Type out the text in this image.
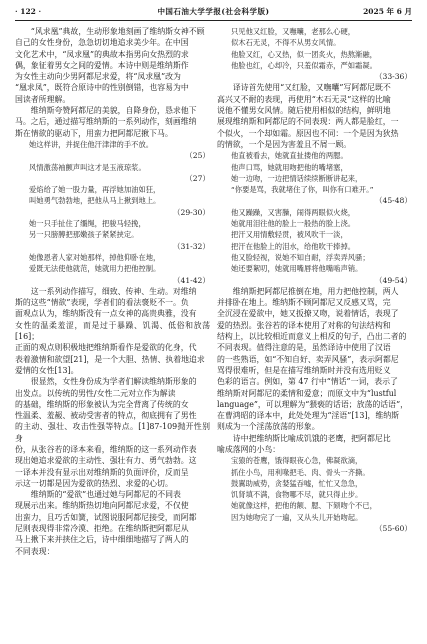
· 122 ·	中国石油大学学报(社会科学版)	2025 年 6 月
“风求凰”典故，生动形象地刻画了维纳斯女神不顾
自己的女性身份，急急切切地追求美少年。在中国
文化艺术中，“凤求凰”的典故本指男向女热烈的求
偶，象征着男女之间的爱情。本诗中则是维纳斯作
为女性主动向少男阿都尼求爱，将“凤求凰”改为
“凰求凤”，既符合原诗中的性别倒错，也容易为中
国读者所理解。
维纳斯夸赞阿都尼的美貌，自降身份，恳求他下
马。之后，通过描写维纳斯的一系列动作，刻画维纳
斯在情欲的驱动下，用蛮力把阿都尼揪下马。
她这样讲，并捉住他汗津津的手不放。
（25）
风情激荡袖颤声叫这才是玉液琼浆。
（27）
爱焰给了她一股力量，再浮她加油如狂，
叫她勇气勃勃地，把他从马上揪到地上。
（29-30）
她一只手扯住了缰绳，把骏马轻挽，
另一只膀膊把那嫩孩子紧紧挟定。
（31-32）
她像恩者人家对她那样，掉他仰卧在地，
爱既无法使他就范，她就用力把他控制。
（41-42）
这一系列动作描写，细致、传神、生动。对维纳
斯的这些“情欲”表现，学者们的看法褒贬不一。负
面观点认为，维纳斯没有一点女神的高贵典雅，没有
女性的温柔羞涩，而是过于暴躁、饥渴、低俗和放荡[16]；
正面的观点则积极地把维纳斯看作是爱欲的化身，代
表着激情和欲望[21]，是一个大胆、热情、执着地追求
爱情的女性[13]。
很显然，女性身份成为学者们解读维纳斯形象的
出发点。以传统的男性/女性二元对立作为解读
的基础，维纳斯的形象被认为完全背离了传统的女
性温柔、羞赧、被动受害者的特点，彻底拥有了男性
的主动、强壮、攻击性强等特点。[1]87-109抛开性别身
份，从张谷若的译本来看，维纳斯的这一系列动作表
现出她追求爱欲的主动性、强壮有力、勇气勃勃。这
一译本并没有显示出对维纳斯的负面评价，反而呈
示这一切都是因为爱欲的热烈、求爱的心切。
维纳斯的“爱欲”也通过她与阿都尼的不同表
现展示出来。维纳斯热切地向阿都尼求爱，不仅使
出蛮力，且巧舌如簧，试图说服阿都尼接受，而阿都
尼则表现得非常冷漠、拒绝。在维纳斯把阿都尼从
马上揪下来并挟住之后，诗中细细地描写了两人的
不同表现：
只见他又红脸，又嘸囔，老那么心硬，
似木石无灵，不得不从男女风情。
他脸又红，心又热，似一团炙火，热熬渐融，
他脸也红，心却冷，只羞似霜赤，严如霜凝。
（33-36）
译诗首先使用“又红脸，又嘸囔”写阿都尼既不
高兴又不耐的表现，再使用“木石无灵”这样的比喻
说他不懂男女风情。随后使用相似的结构，鲜明地
展现维纳斯和阿都尼的不同表现：两人都是脸红，一
个似火，一个却如霜。原因也不同：一个是因为狄热
的情欲，一个是因为害羞且不屑一顾。
他直被看去，她就直扯搂他的两腮。
他声口骂，她就用吻把他的嘴堵塞，
她一边吻，一边把情话续续断断讲起来，
“你要是骂，我就堵住了你，叫你有口难开。”
（45-48）
他又躁躁，又害臊，闹得两眼似火烧，
她就用泪往他的脸上一般热的脸上浇。
把汗又用情敷轻贯，被风吹干一淡，
把汗在他脸上的泪水，给他吹干捧掉。
他又脸轻视，说她不知自耐，浮卖弄风骚；
她还要絮叨，她就用嘴唇将他嘴啮声销。
（49-54）
维纳斯把阿都尼推倒在地，用力把他控制，两人
并排卧在地上。维纳斯不顾阿都尼又反感又骂，完
全沉浸在爱欲中，她又扳撩又吻，说着情话，表现了
爱的热烈。张谷若的译本使用了对称的句法结构和
结构上，以比较相近而意义上相反的句子，凸出二者的
不同表现。值得注意的是，虽然译诗中使用了汉语
的一些熟语，如“不知自好、卖弄风骚”，表示阿都尼
骂得很难听，但是在描写维纳斯时并没有选用贬义
色彩的语言。例如，第 47 行中“情话”一词，表示了
维纳斯对阿都尼的柔情和爱意；而原文中为“lustful
language”，可以理解为“猥亵的话语；放荡的话语”，
在曹鸿昭的译本中，此处处理为“淫语”[13]，维纳斯
则成为一个淫荡放荡的形象。
诗中把维纳斯比喻成饥饿的老鹰，把阿都尼比
喻成落网的小鸟：
宝猿的苍鹰，饿得眼夜心急，佛凝欲滴，
抓住小鸟，用利喙把毛、肉、骨头一齐撕。
鼓翼助威势，贪婪猛吞嘘，忙忙又急急，
饥肾填不满，食物哪不尽，就只得止步。
她就像这样，把他的额、腮、下颏吻个不已，
因为她吻完了一遍，又从头儿开始吻起。
（55-60）
